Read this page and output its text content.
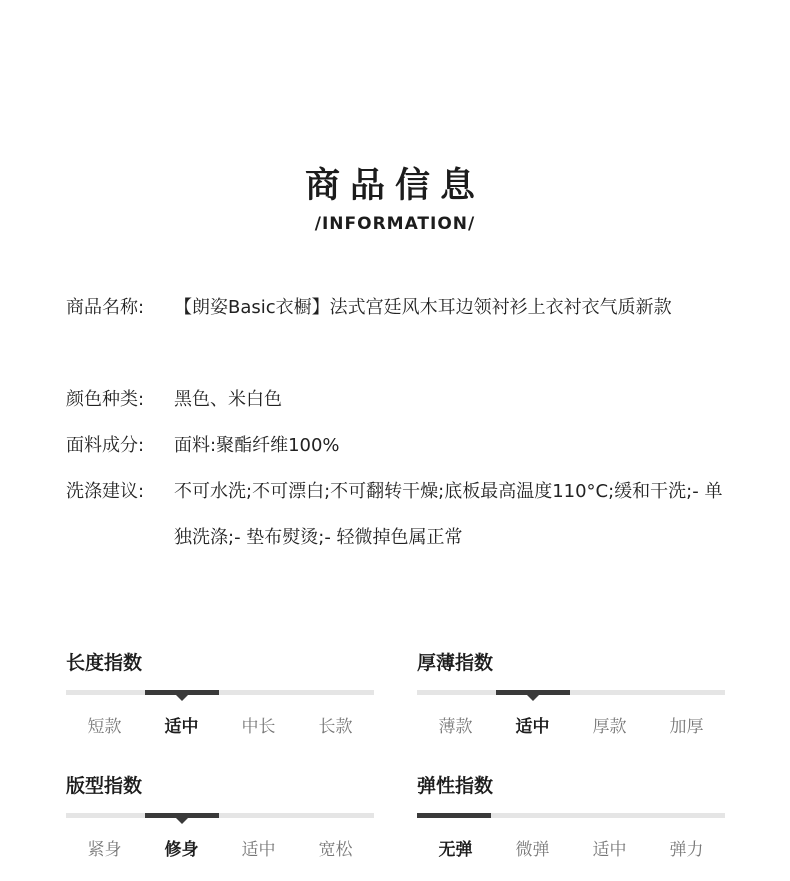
商品信息
/INFORMATION/
商品名称:	【朗姿Basic衣橱】法式宫廷风木耳边领衬衫上衣衬衣气质新款
颜色种类:	黑色、米白色
面料成分:	面料:聚酯纤维100%
洗涤建议:	不可水洗;不可漂白;不可翻转干燥;底板最高温度110°C;缓和干洗;- 单独洗涤;- 垫布熨烫;- 轻微掉色属正常
长度指数
短款	适中	中长	长款
厚薄指数
薄款	适中	厚款	加厚
版型指数
紧身	修身	适中	宽松
弹性指数
无弹	微弹	适中	弹力
